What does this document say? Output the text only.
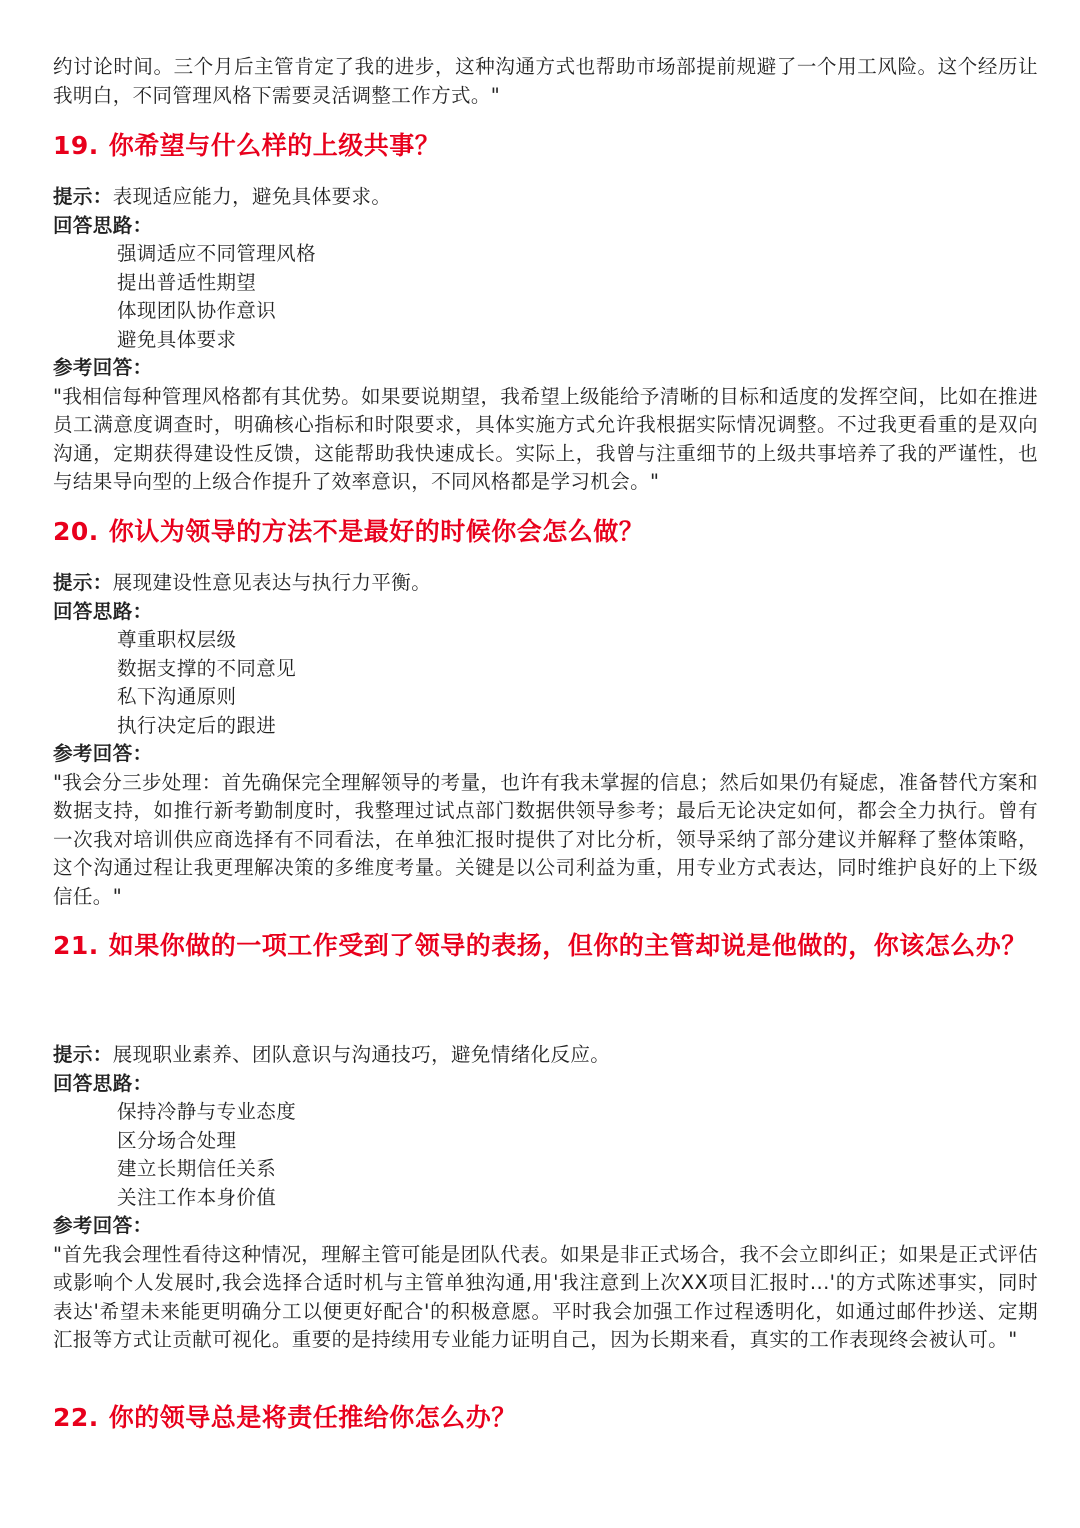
约讨论时间。三个月后主管肯定了我的进步，这种沟通方式也帮助市场部提前规避了一个用工风险。这个经历让我明白，不同管理风格下需要灵活调整工作方式。"

19. 你希望与什么样的上级共事？

提示：表现适应能力，避免具体要求。

回答思路：

强调适应不同管理风格
提出普适性期望
体现团队协作意识
避免具体要求

参考回答：

"我相信每种管理风格都有其优势。如果要说期望，我希望上级能给予清晰的目标和适度的发挥空间，比如在推进员工满意度调查时，明确核心指标和时限要求，具体实施方式允许我根据实际情况调整。不过我更看重的是双向沟通，定期获得建设性反馈，这能帮助我快速成长。实际上，我曾与注重细节的上级共事培养了我的严谨性，也与结果导向型的上级合作提升了效率意识，不同风格都是学习机会。"

20. 你认为领导的方法不是最好的时候你会怎么做？

提示：展现建设性意见表达与执行力平衡。

回答思路：

尊重职权层级
数据支撑的不同意见
私下沟通原则
执行决定后的跟进

参考回答：

"我会分三步处理：首先确保完全理解领导的考量，也许有我未掌握的信息；然后如果仍有疑虑，准备替代方案和数据支持，如推行新考勤制度时，我整理过试点部门数据供领导参考；最后无论决定如何，都会全力执行。曾有一次我对培训供应商选择有不同看法，在单独汇报时提供了对比分析，领导采纳了部分建议并解释了整体策略，这个沟通过程让我更理解决策的多维度考量。关键是以公司利益为重，用专业方式表达，同时维护良好的上下级信任。"

21. 如果你做的一项工作受到了领导的表扬，但你的主管却说是他做的，你该怎么办？

提示：展现职业素养、团队意识与沟通技巧，避免情绪化反应。

回答思路：

保持冷静与专业态度
区分场合处理
建立长期信任关系
关注工作本身价值

参考回答：

"首先我会理性看待这种情况，理解主管可能是团队代表。如果是非正式场合，我不会立即纠正；如果是正式评估或影响个人发展时,我会选择合适时机与主管单独沟通,用'我注意到上次XX项目汇报时...'的方式陈述事实，同时表达'希望未来能更明确分工以便更好配合'的积极意愿。平时我会加强工作过程透明化，如通过邮件抄送、定期汇报等方式让贡献可视化。重要的是持续用专业能力证明自己，因为长期来看，真实的工作表现终会被认可。"

22. 你的领导总是将责任推给你怎么办？
